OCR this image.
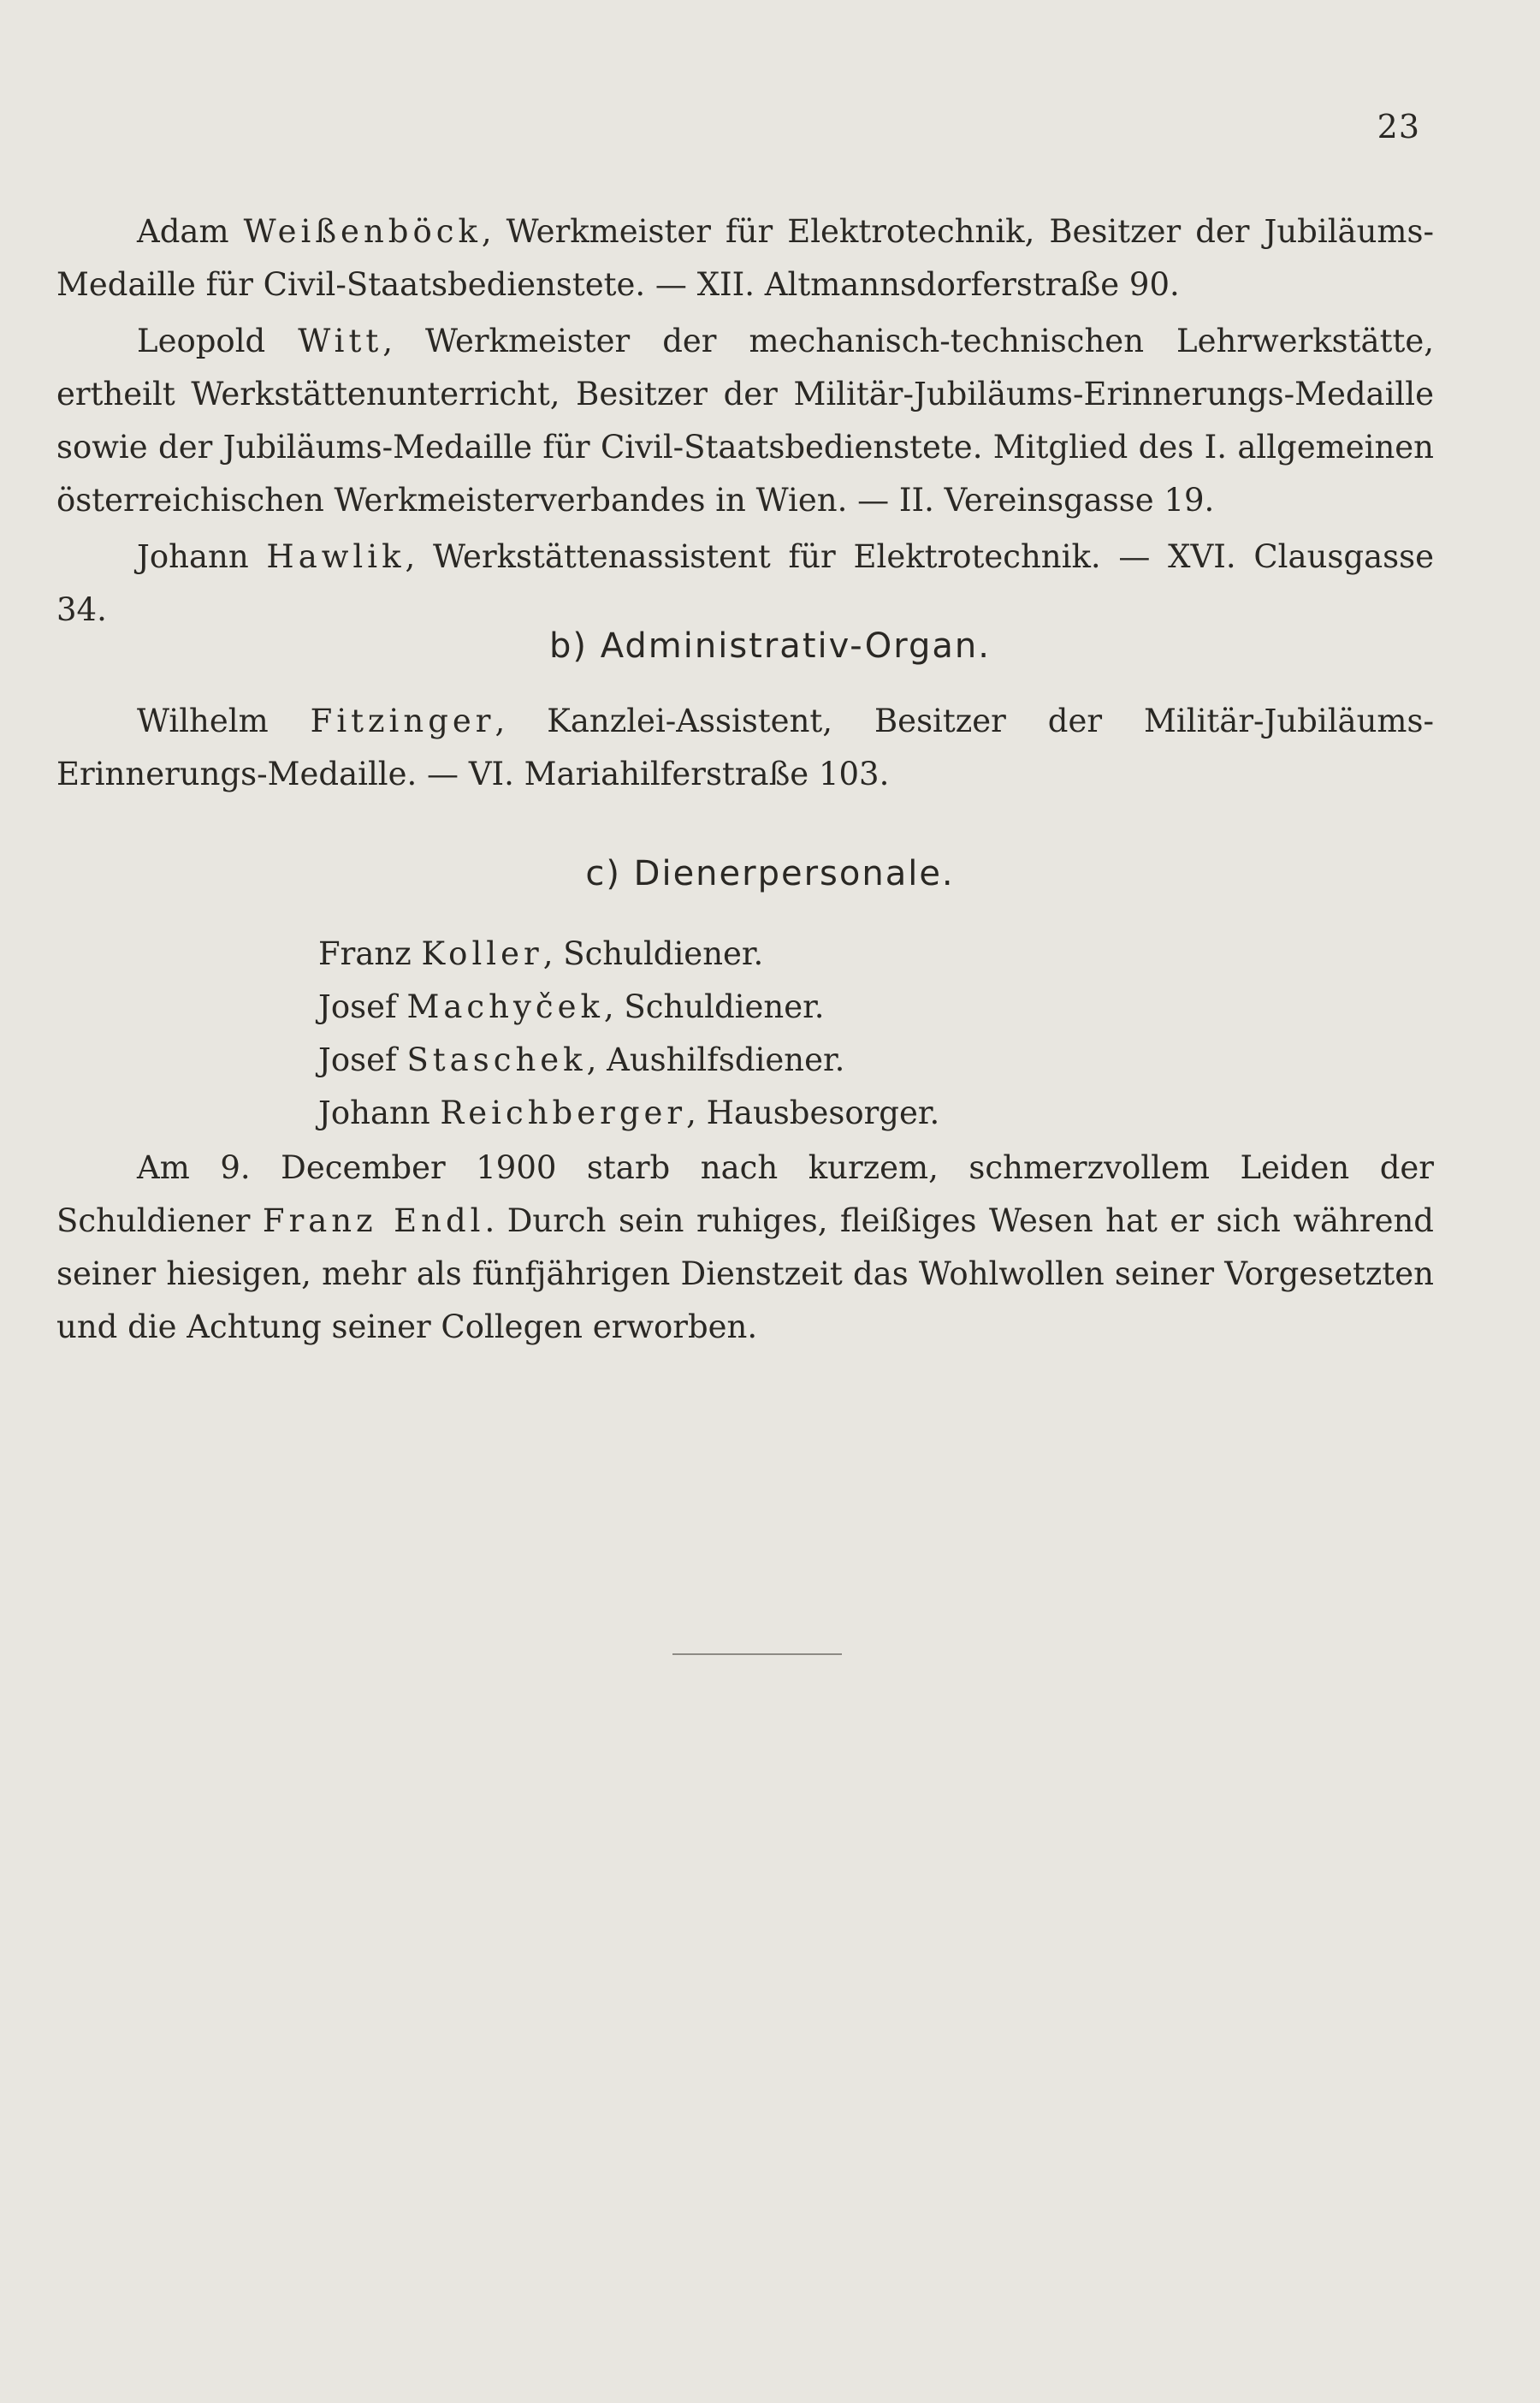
23

Adam Weißenböck, Werkmeister für Elektrotechnik, Besitzer der Jubiläums-Medaille für Civil-Staatsbedienstete. — XII. Altmannsdorferstraße 90.

Leopold Witt, Werkmeister der mechanisch-technischen Lehrwerkstätte, ertheilt Werkstättenunterricht, Besitzer der Militär-Jubiläums-Erinnerungs-Medaille sowie der Jubiläums-Medaille für Civil-Staatsbedienstete. Mitglied des I. allgemeinen österreichischen Werkmeisterverbandes in Wien. — II. Vereinsgasse 19.

Johann Hawlik, Werkstättenassistent für Elektrotechnik. — XVI. Clausgasse 34.

b) Administrativ-Organ.

Wilhelm Fitzinger, Kanzlei-Assistent, Besitzer der Militär-Jubiläums-Erinnerungs-Medaille. — VI. Mariahilferstraße 103.

c) Dienerpersonale.
Franz Koller, Schuldiener.
Josef Machyček, Schuldiener.
Josef Staschek, Aushilfsdiener.
Johann Reichberger, Hausbesorger.

Am 9. December 1900 starb nach kurzem, schmerzvollem Leiden der Schuldiener Franz Endl. Durch sein ruhiges, fleißiges Wesen hat er sich während seiner hiesigen, mehr als fünfjährigen Dienstzeit das Wohlwollen seiner Vorgesetzten und die Achtung seiner Collegen erworben.
